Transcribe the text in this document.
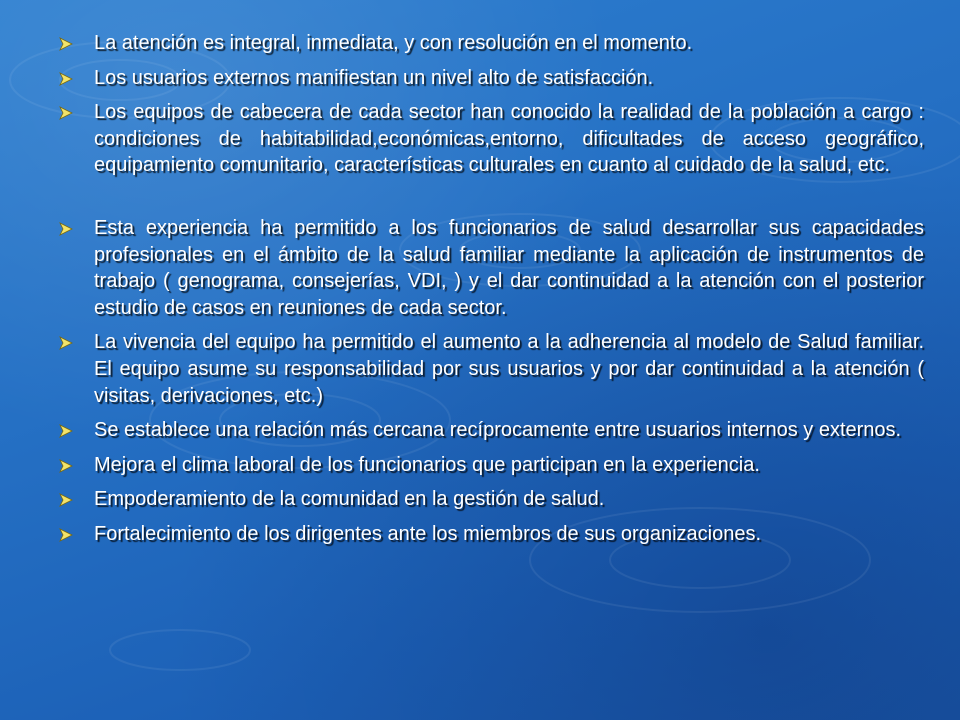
La atención es integral, inmediata, y con resolución en el momento.
Los usuarios externos manifiestan un nivel alto de satisfacción.
Los equipos de cabecera de cada sector han conocido la realidad de la población a cargo : condiciones de habitabilidad,económicas,entorno, dificultades de acceso geográfico, equipamiento comunitario, características culturales en cuanto al cuidado de la salud, etc.
Esta experiencia ha permitido a los funcionarios de salud desarrollar sus capacidades profesionales en el ámbito de la salud familiar mediante la aplicación de instrumentos de trabajo ( genograma, consejerías, VDI, ) y el dar continuidad a la atención con el posterior estudio de casos en reuniones de cada sector.
La vivencia del equipo ha permitido el aumento a la adherencia al modelo de Salud familiar. El equipo asume su responsabilidad por sus usuarios y por dar continuidad a la atención ( visitas, derivaciones, etc.)
Se establece una relación más cercana recíprocamente entre usuarios internos y externos.
Mejora el clima laboral de los funcionarios que participan en la experiencia.
Empoderamiento de la comunidad en la gestión de salud.
Fortalecimiento de los dirigentes ante los miembros de sus organizaciones.
